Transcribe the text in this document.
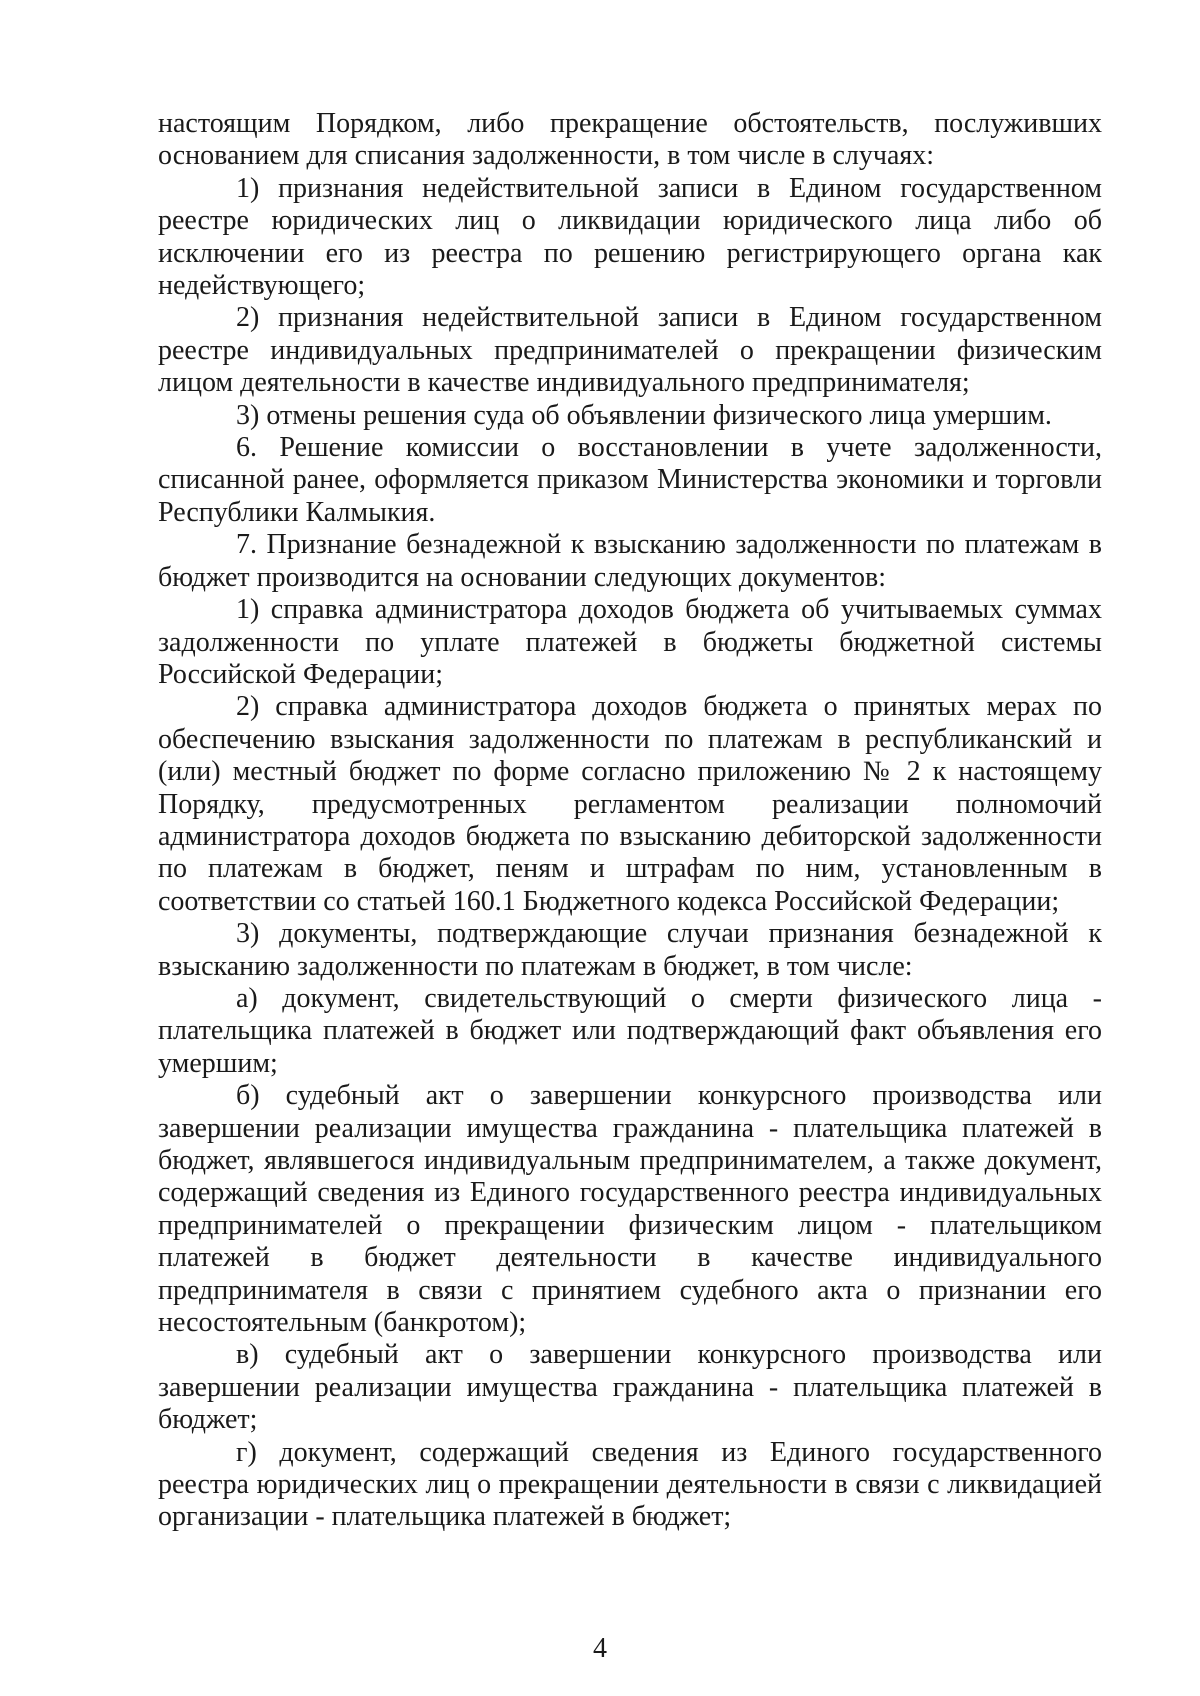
настоящим Порядком, либо прекращение обстоятельств, послуживших основанием для списания задолженности, в том числе в случаях:

1) признания недействительной записи в Едином государственном реестре юридических лиц о ликвидации юридического лица либо об исключении его из реестра по решению регистрирующего органа как недействующего;

2) признания недействительной записи в Едином государственном реестре индивидуальных предпринимателей о прекращении физическим лицом деятельности в качестве индивидуального предпринимателя;

3) отмены решения суда об объявлении физического лица умершим.

6. Решение комиссии о восстановлении в учете задолженности, списанной ранее, оформляется приказом Министерства экономики и торговли Республики Калмыкия.

7. Признание безнадежной к взысканию задолженности по платежам в бюджет производится на основании следующих документов:

1) справка администратора доходов бюджета об учитываемых суммах задолженности по уплате платежей в бюджеты бюджетной системы Российской Федерации;

2) справка администратора доходов бюджета о принятых мерах по обеспечению взыскания задолженности по платежам в республиканский и (или) местный бюджет по форме согласно приложению № 2 к настоящему Порядку, предусмотренных регламентом реализации полномочий администратора доходов бюджета по взысканию дебиторской задолженности по платежам в бюджет, пеням и штрафам по ним, установленным в соответствии со статьей 160.1 Бюджетного кодекса Российской Федерации;

3) документы, подтверждающие случаи признания безнадежной к взысканию задолженности по платежам в бюджет, в том числе:

а) документ, свидетельствующий о смерти физического лица - плательщика платежей в бюджет или подтверждающий факт объявления его умершим;

б) судебный акт о завершении конкурсного производства или завершении реализации имущества гражданина - плательщика платежей в бюджет, являвшегося индивидуальным предпринимателем, а также документ, содержащий сведения из Единого государственного реестра индивидуальных предпринимателей о прекращении физическим лицом - плательщиком платежей в бюджет деятельности в качестве индивидуального предпринимателя в связи с принятием судебного акта о признании его несостоятельным (банкротом);

в) судебный акт о завершении конкурсного производства или завершении реализации имущества гражданина - плательщика платежей в бюджет;

г) документ, содержащий сведения из Единого государственного реестра юридических лиц о прекращении деятельности в связи с ликвидацией организации - плательщика платежей в бюджет;

4
